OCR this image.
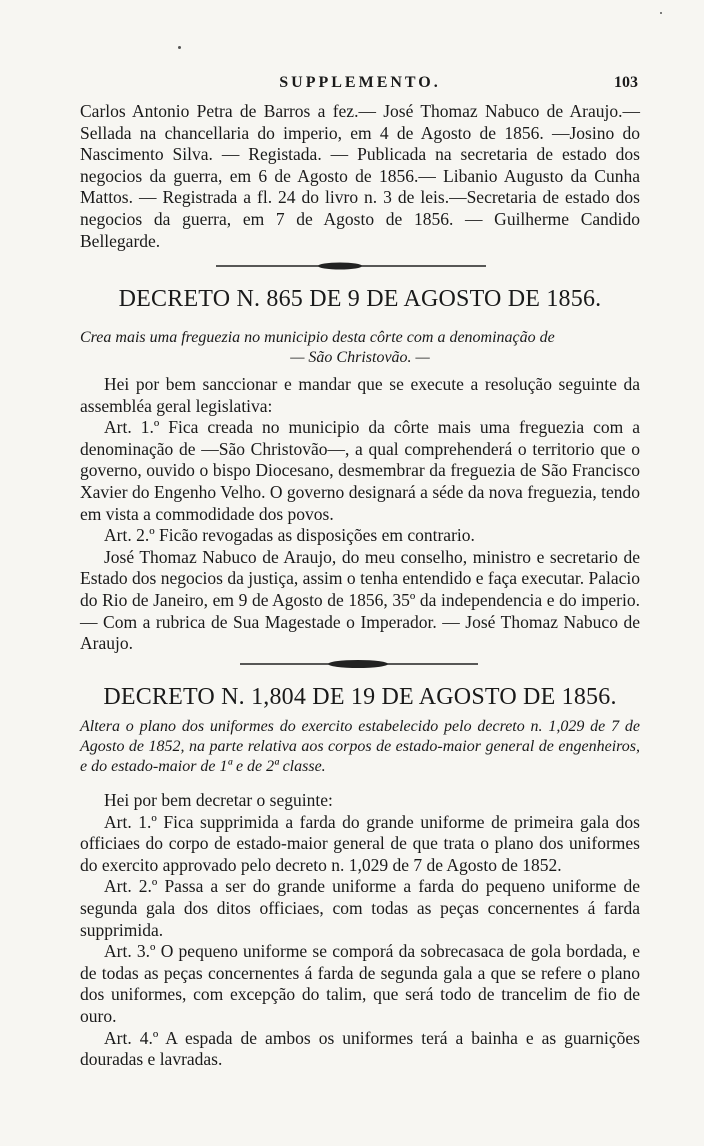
SUPPLEMENTO.	103

Carlos Antonio Petra de Barros a fez.— José Thomaz Nabuco de Araujo.—Sellada na chancellaria do imperio, em 4 de Agosto de 1856. —Josino do Nascimento Silva. — Registada. — Publicada na secretaria de estado dos negocios da guerra, em 6 de Agosto de 1856.— Libanio Augusto da Cunha Mattos. — Registrada a fl. 24 do livro n. 3 de leis.—Secretaria de estado dos negocios da guerra, em 7 de Agosto de 1856. — Guilherme Candido Bellegarde.

DECRETO N. 865 DE 9 DE AGOSTO DE 1856.
Crea mais uma freguezia no municipio desta côrte com a denominação de
— São Christovão. —

Hei por bem sanccionar e mandar que se execute a resolução seguinte da assembléa geral legislativa:

Art. 1.º Fica creada no municipio da côrte mais uma freguezia com a denominação de —São Christovão—, a qual comprehenderá o territorio que o governo, ouvido o bispo Diocesano, desmembrar da freguezia de São Francisco Xavier do Engenho Velho. O governo designará a séde da nova freguezia, tendo em vista a commodidade dos povos.

Art. 2.º Ficão revogadas as disposições em contrario.

José Thomaz Nabuco de Araujo, do meu conselho, ministro e secretario de Estado dos negocios da justiça, assim o tenha entendido e faça executar. Palacio do Rio de Janeiro, em 9 de Agosto de 1856, 35º da independencia e do imperio.— Com a rubrica de Sua Magestade o Imperador. — José Thomaz Nabuco de Araujo.

DECRETO N. 1,804 DE 19 DE AGOSTO DE 1856.
Altera o plano dos uniformes do exercito estabelecido pelo decreto n. 1,029 de 7 de Agosto de 1852, na parte relativa aos corpos de estado-maior general de engenheiros, e do estado-maior de 1ª e de 2ª classe.

Hei por bem decretar o seguinte:

Art. 1.º Fica supprimida a farda do grande uniforme de primeira gala dos officiaes do corpo de estado-maior general de que trata o plano dos uniformes do exercito approvado pelo decreto n. 1,029 de 7 de Agosto de 1852.

Art. 2.º Passa a ser do grande uniforme a farda do pequeno uniforme de segunda gala dos ditos officiaes, com todas as peças concernentes á farda supprimida.

Art. 3.º O pequeno uniforme se comporá da sobrecasaca de gola bordada, e de todas as peças concernentes á farda de segunda gala a que se refere o plano dos uniformes, com excepção do talim, que será todo de trancelim de fio de ouro.

Art. 4.º A espada de ambos os uniformes terá a bainha e as guarnições douradas e lavradas.
